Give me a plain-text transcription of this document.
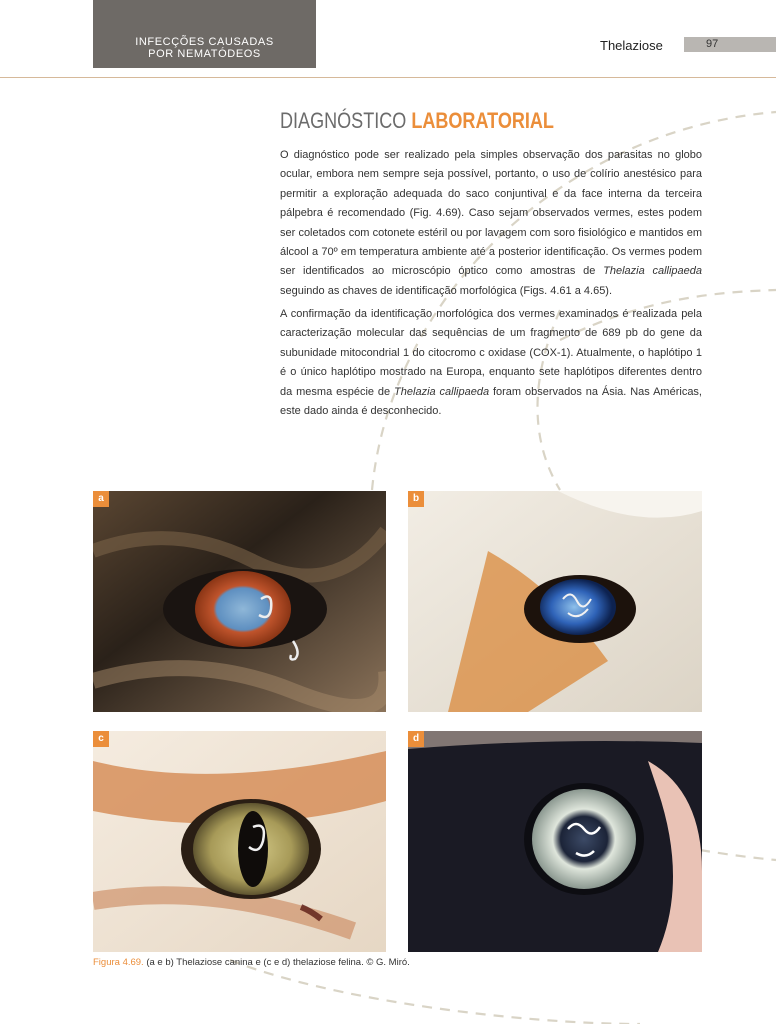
INFECÇÕES CAUSADAS
POR NEMATÓDEOS
Thelaziose	97
DIAGNÓSTICO LABORATORIAL

O diagnóstico pode ser realizado pela simples observação dos parasitas no globo ocular, embora nem sempre seja possível, portanto, o uso de colírio anestésico para permitir a exploração adequada do saco conjuntival e da face interna da terceira pálpebra é recomendado (Fig. 4.69). Caso sejam observados vermes, estes podem ser coletados com cotonete estéril ou por lavagem com soro fisiológico e mantidos em álcool a 70º em temperatura ambiente até a posterior identificação. Os vermes podem ser identificados ao microscópio óptico como amostras de Thelazia callipaeda seguindo as chaves de identificação morfológica (Figs. 4.61 a 4.65).

A confirmação da identificação morfológica dos vermes examinados é realizada pela caracterização molecular das sequências de um fragmento de 689 pb do gene da subunidade mitocondrial 1 do citocromo c oxidase (COX-1). Atualmente, o haplótipo 1 é o único haplótipo mostrado na Europa, enquanto sete haplótipos diferentes dentro da mesma espécie de Thelazia callipaeda foram observados na Ásia. Nas Américas, este dado ainda é desconhecido.

a	b
c	d
Figura 4.69. (a e b) Thelaziose canina e (c e d) thelaziose felina. © G. Miró.
